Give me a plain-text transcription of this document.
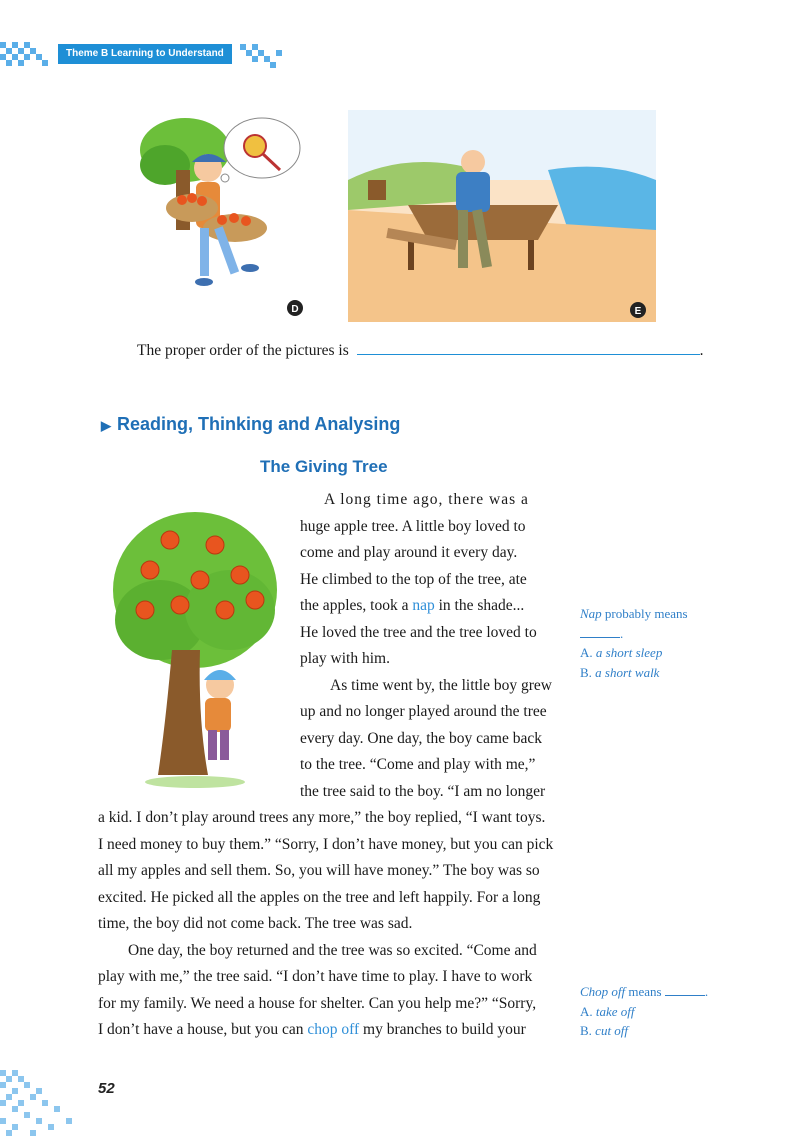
Theme B Learning to Understand
D	E
The proper order of the pictures is	.
▶ Reading, Thinking and Analysing
The Giving Tree
A long time ago, there was a
huge apple tree. A little boy loved to
come and play around it every day.
He climbed to the top of the tree, ate
the apples, took a nap in the shade...
He loved the tree and the tree loved to
play with him.
As time went by, the little boy grew
up and no longer played around the tree
every day. One day, the boy came back
to the tree. “Come and play with me,”
the tree said to the boy. “I am no longer
a kid. I don’t play around trees any more,” the boy replied, “I want toys.
I need money to buy them.” “Sorry, I don’t have money, but you can pick
all my apples and sell them. So, you will have money.” The boy was so
excited. He picked all the apples on the tree and left happily. For a long
time, the boy did not come back. The tree was sad.
One day, the boy returned and the tree was so excited. “Come and
play with me,” the tree said. “I don’t have time to play. I have to work
for my family. We need a house for shelter. Can you help me?” “Sorry,
I don’t have a house, but you can chop off my branches to build your
Nap probably means
.
A. a short sleep
B. a short walk
Chop off means	.
A. take off
B. cut off
52
